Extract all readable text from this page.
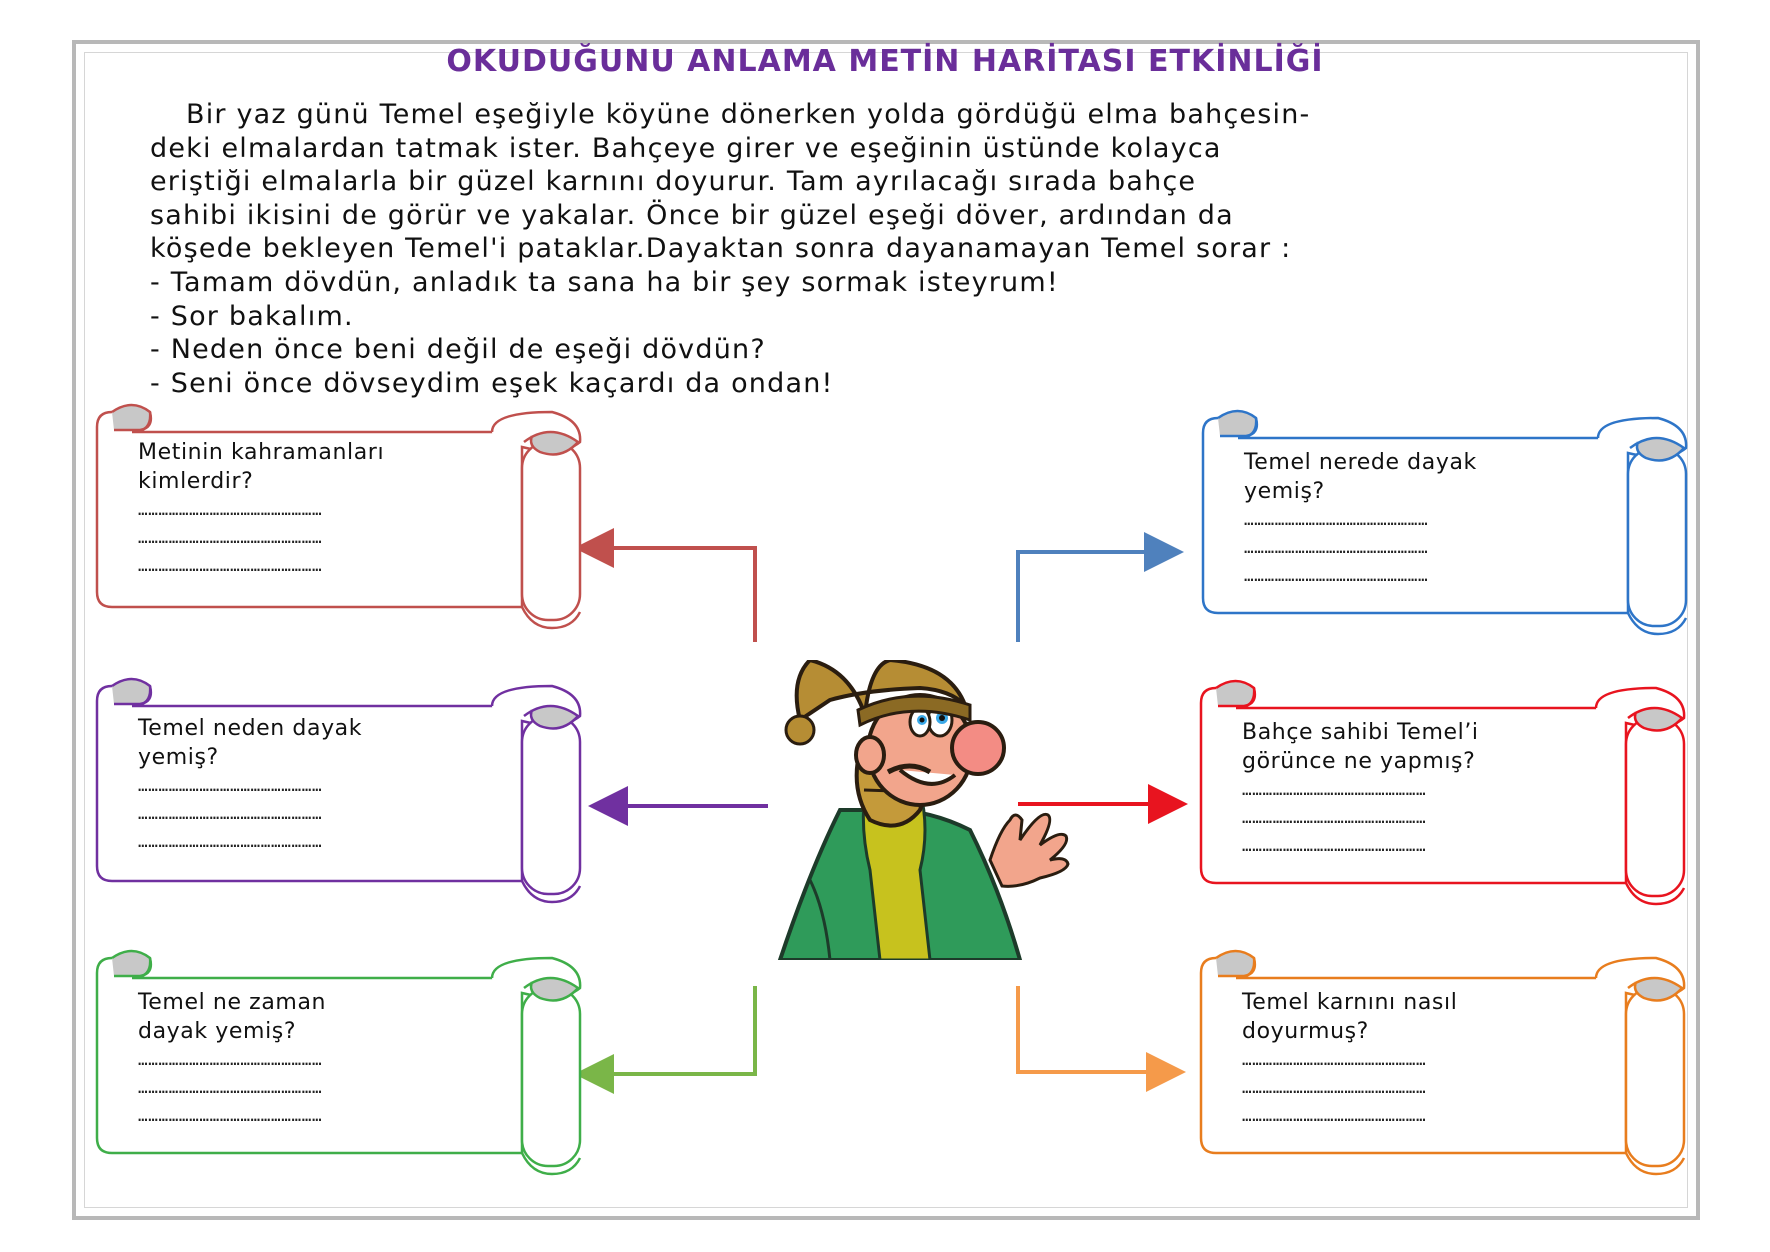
OKUDUĞUNU ANLAMA METİN HARİTASI ETKİNLİĞİ

Bir yaz günü Temel eşeğiyle köyüne dönerken yolda gördüğü elma bahçesin-

deki elmalardan tatmak ister. Bahçeye girer ve eşeğinin üstünde kolayca

eriştiği elmalarla bir güzel karnını doyurur. Tam ayrılacağı sırada bahçe

sahibi ikisini de görür ve yakalar. Önce bir güzel eşeği döver, ardından da

köşede bekleyen Temel'i pataklar.Dayaktan sonra dayanamayan Temel sorar :

- Tamam dövdün, anladık ta sana ha bir şey sormak isteyrum!

- Sor bakalım.

- Neden önce beni değil de eşeği dövdün?

- Seni önce dövseydim eşek kaçardı da ondan!

Metinin kahramanları
kimlerdir?
………………………………………………
………………………………………………
………………………………………………
Temel neden dayak
yemiş?
………………………………………………
………………………………………………
………………………………………………
Temel ne zaman
dayak yemiş?
………………………………………………
………………………………………………
………………………………………………
Temel nerede dayak
yemiş?
………………………………………………
………………………………………………
………………………………………………
Bahçe sahibi Temel’i
görünce ne yapmış?
………………………………………………
………………………………………………
………………………………………………
Temel karnını nasıl
doyurmuş?
………………………………………………
………………………………………………
………………………………………………
